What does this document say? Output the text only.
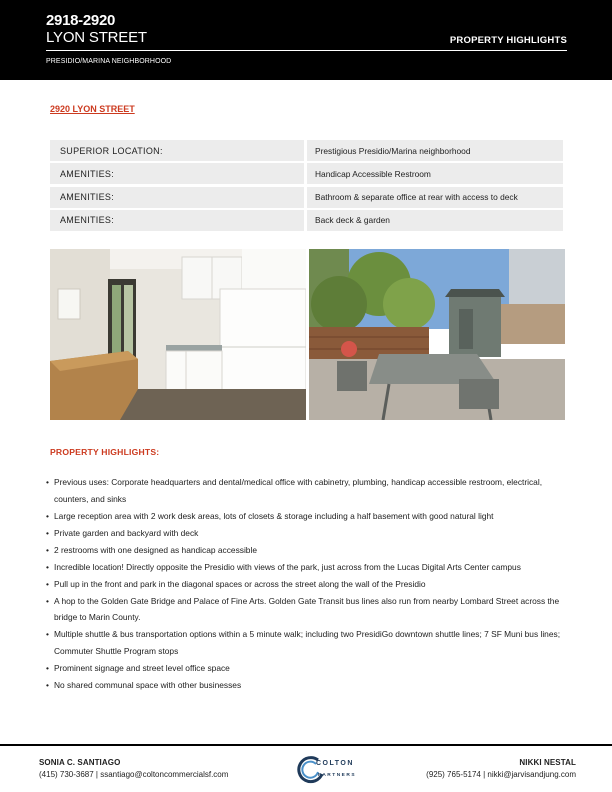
2918-2920
LYON STREET	PROPERTY HIGHLIGHTS
PRESIDIO/MARINA NEIGHBORHOOD
2920 LYON STREET
SUPERIOR LOCATION:	Prestigious Presidio/Marina neighborhood
AMENITIES:	Handicap Accessible Restroom
AMENITIES:	Bathroom & separate office at rear with access to deck
AMENITIES:	Back deck & garden
PROPERTY HIGHLIGHTS:
• Previous uses: Corporate headquarters and dental/medical office with cabinetry, plumbing, handicap accessible restroom, electrical, counters, and sinks
• Large reception area with 2 work desk areas, lots of closets & storage including a half basement with good natural light
• Private garden and backyard with deck
• 2 restrooms with one designed as handicap accessible
• Incredible location! Directly opposite the Presidio with views of the park, just across from the Lucas Digital Arts Center campus
• Pull up in the front and park in the diagonal spaces or across the street along the wall of the Presidio
• A hop to the Golden Gate Bridge and Palace of Fine Arts. Golden Gate Transit bus lines also run from nearby Lombard Street across the bridge to Marin County.
• Multiple shuttle & bus transportation options within a 5 minute walk; including two PresidiGo downtown shuttle lines; 7 SF Muni bus lines; Commuter Shuttle Program stops
• Prominent signage and street level office space
• No shared communal space with other businesses
SONIA C. SANTIAGO
(415) 730-3687 | ssantiago@coltoncommercialsf.com
COLTON
PARTNERS
NIKKI NESTAL
(925) 765-5174 | nikki@jarvisandjung.com
